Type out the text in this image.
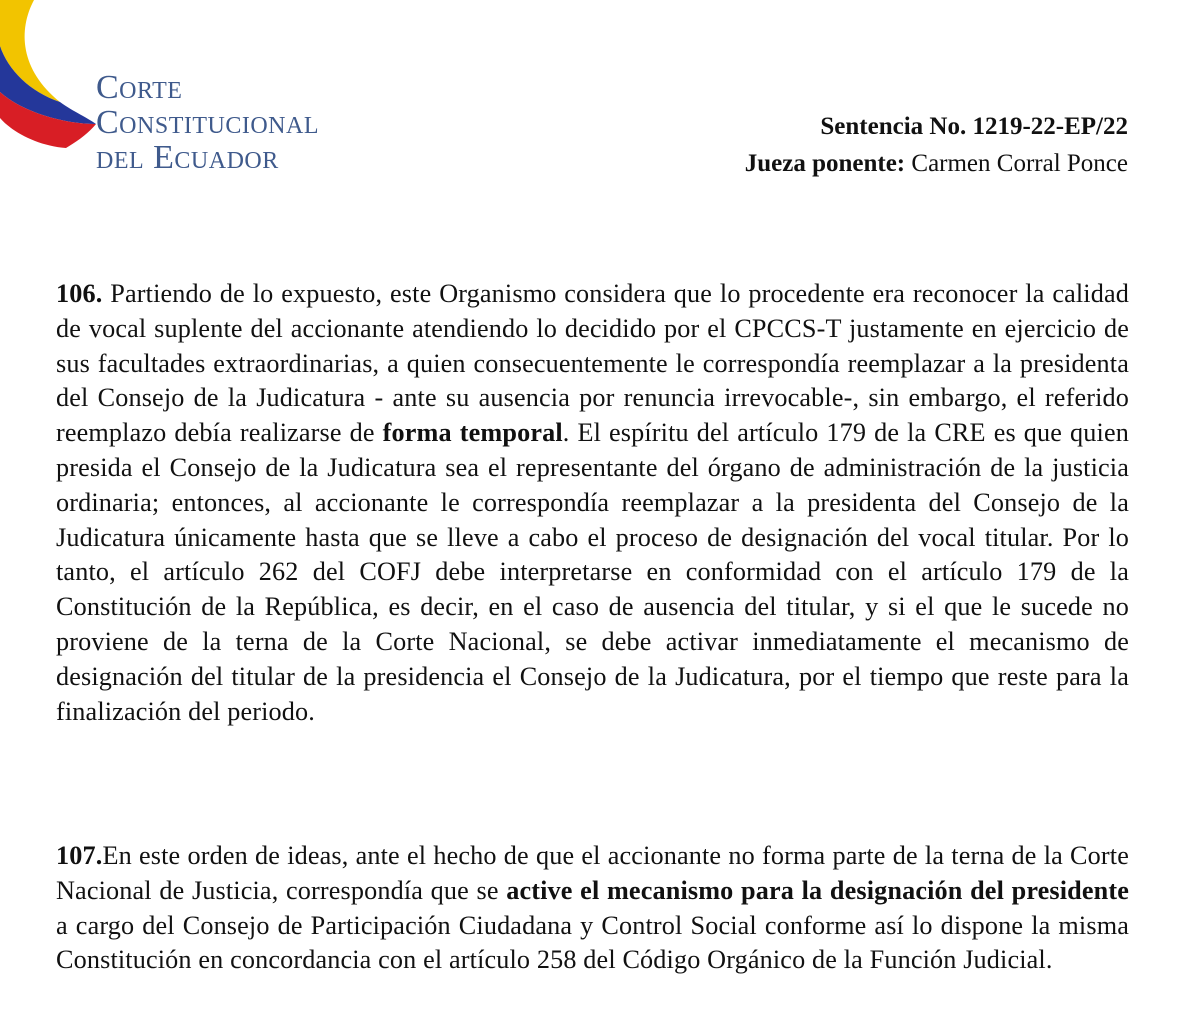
Corte
Constitucional
del Ecuador
Sentencia No. 1219-22-EP/22
Jueza ponente: Carmen Corral Ponce
106. Partiendo de lo expuesto, este Organismo considera que lo procedente era reconocer la calidad de vocal suplente del accionante atendiendo lo decidido por el CPCCS-T justamente en ejercicio de sus facultades extraordinarias, a quien consecuentemente le correspondía reemplazar a la presidenta del Consejo de la Judicatura - ante su ausencia por renuncia irrevocable-, sin embargo, el referido reemplazo debía realizarse de forma temporal. El espíritu del artículo 179 de la CRE es que quien presida el Consejo de la Judicatura sea el representante del órgano de administración de la justicia ordinaria; entonces, al accionante le correspondía reemplazar a la presidenta del Consejo de la Judicatura únicamente hasta que se lleve a cabo el proceso de designación del vocal titular. Por lo tanto, el artículo 262 del COFJ debe interpretarse en conformidad con el artículo 179 de la Constitución de la República, es decir, en el caso de ausencia del titular, y si el que le sucede no proviene de la terna de la Corte Nacional, se debe activar inmediatamente el mecanismo de designación del titular de la presidencia el Consejo de la Judicatura, por el tiempo que reste para la finalización del periodo.
107.En este orden de ideas, ante el hecho de que el accionante no forma parte de la terna de la Corte Nacional de Justicia, correspondía que se active el mecanismo para la designación del presidente a cargo del Consejo de Participación Ciudadana y Control Social conforme así lo dispone la misma Constitución en concordancia con el artículo 258 del Código Orgánico de la Función Judicial.
